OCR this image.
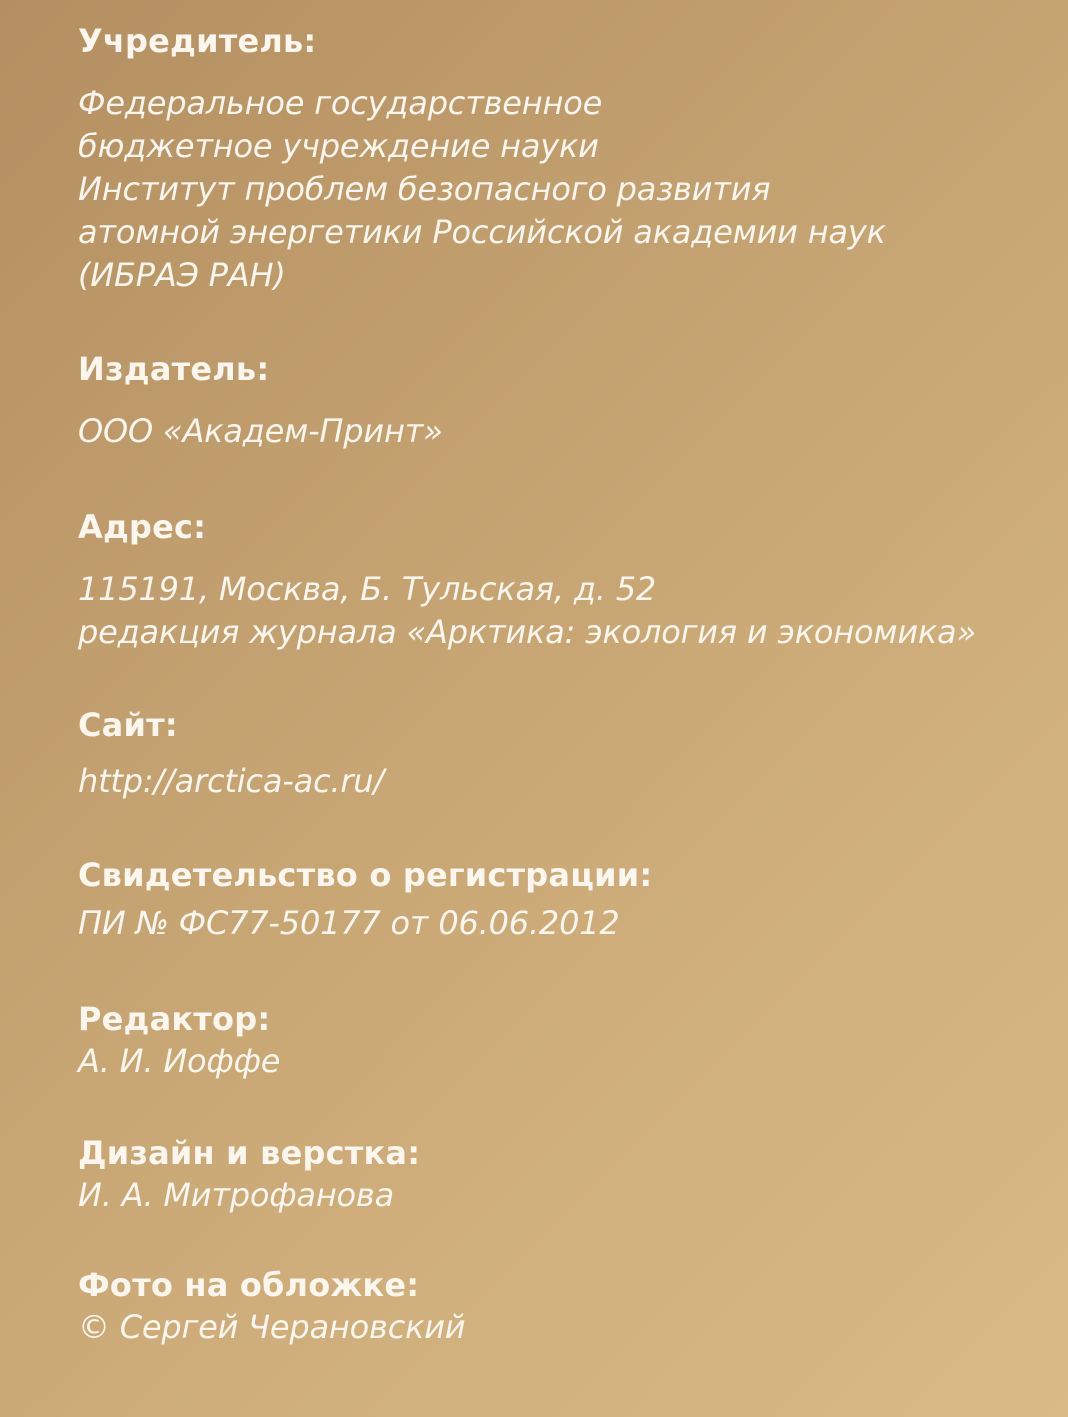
Учредитель:

Федеральное государственное
бюджетное учреждение науки
Институт проблем безопасного развития
атомной энергетики Российской академии наук
(ИБРАЭ РАН)

Издатель:

ООО «Академ-Принт»

Адрес:

115191, Москва, Б. Тульская, д. 52
редакция журнала «Арктика: экология и экономика»

Сайт:

http://arctica-ac.ru/

Свидетельство о регистрации:

ПИ № ФС77-50177 от 06.06.2012

Редактор:

А. И. Иоффе

Дизайн и верстка:

И. А. Митрофанова

Фото на обложке:

© Сергей Черановский
